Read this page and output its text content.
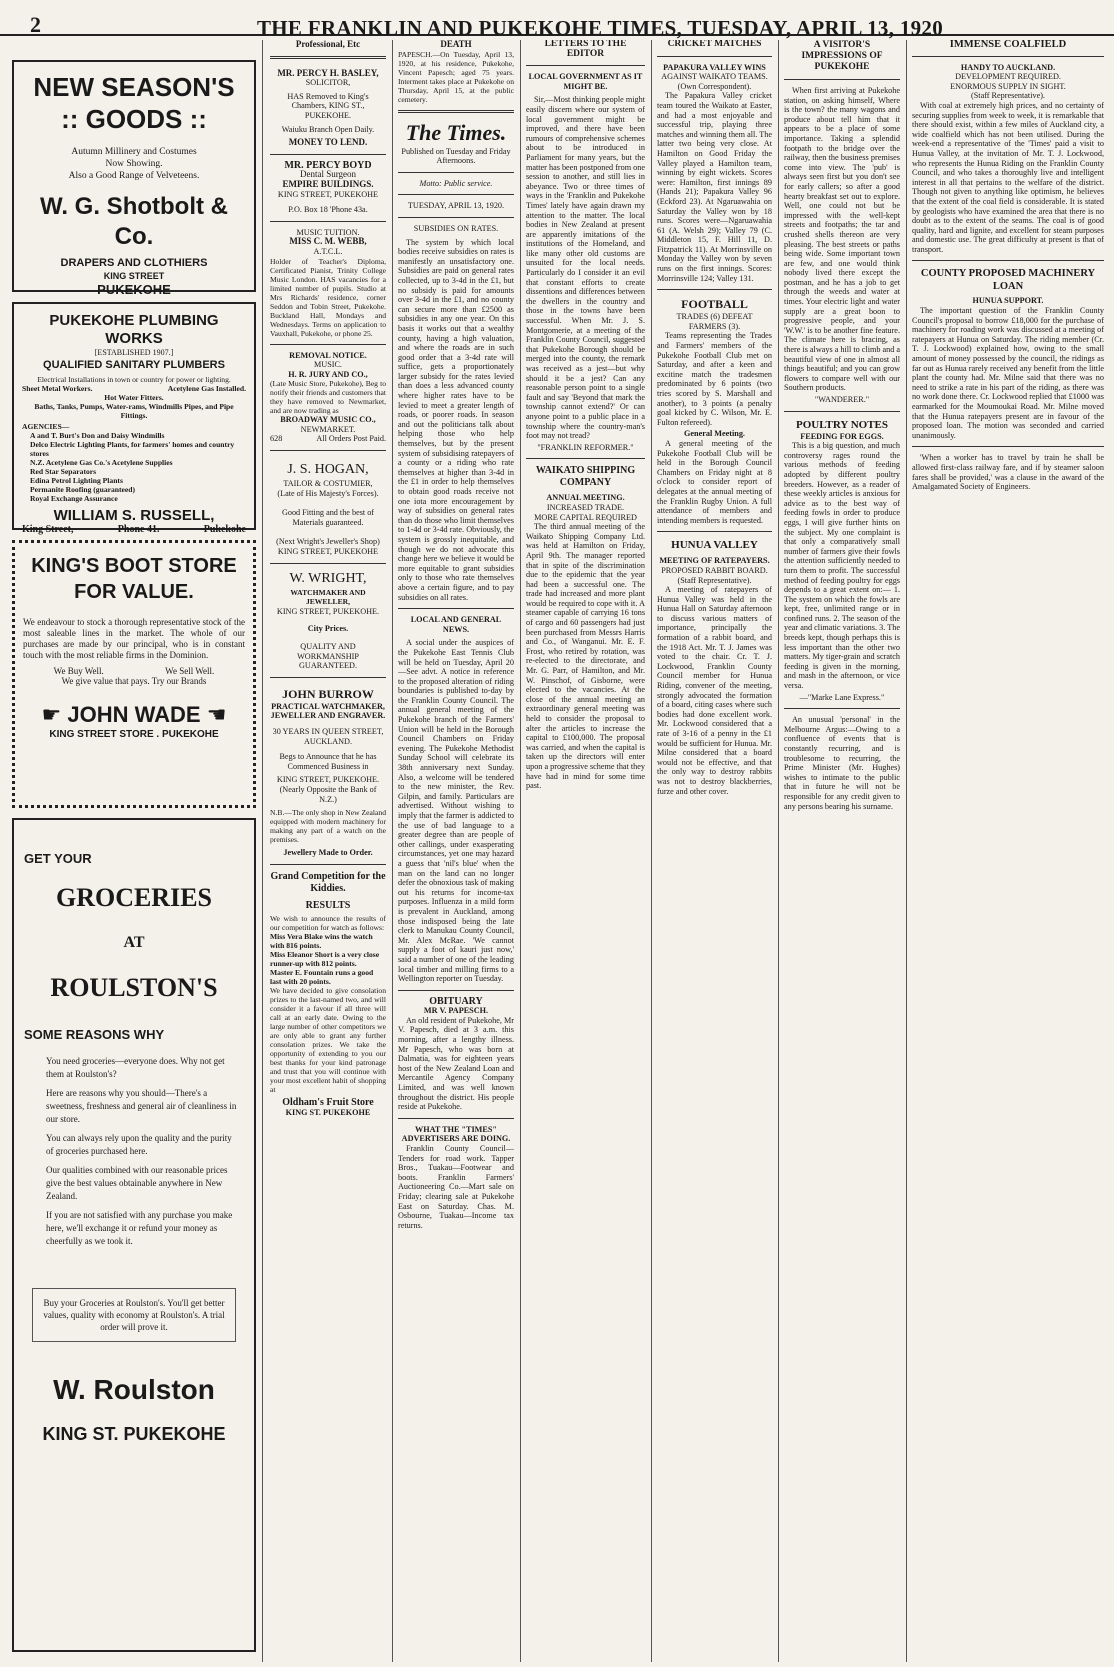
2	THE FRANKLIN AND PUKEKOHE TIMES, TUESDAY, APRIL 13, 1920
NEW SEASON'S
:: GOODS ::
Autumn Millinery and Costumes
Now Showing.
Also a Good Range of Velveteens.
W. G. Shotbolt & Co.
DRAPERS AND CLOTHIERS
KING STREET
PUKEKOHE
PUKEKOHE PLUMBING WORKS
[ESTABLISHED 1907.]
QUALIFIED SANITARY PLUMBERS
Electrical Installations in town or country for power or lighting.
Sheet Metal Workers.	Acetylene Gas Installed.
Hot Water Fitters.
Baths, Tanks, Pumps, Water-rams, Windmills Pipes, and Pipe Fittings.
AGENCIES—
A and T. Burt's Don and Daisy Windmills
Delco Electric Lighting Plants, for farmers' homes and country stores
N.Z. Acetylene Gas Co.'s Acetylene Supplies
Red Star Separators
Edina Petrol Lighting Plants
Permanite Roofing (guaranteed)
Royal Exchange Assurance
WILLIAM S. RUSSELL,
King Street,	Phone 41.	Pukekohe
KING'S BOOT STORE
FOR VALUE.
We endeavour to stock a thorough representative stock of the most saleable lines in the market. The whole of our purchases are made by our principal, who is in constant touch with the most reliable firms in the Dominion.
We Buy Well.	We Sell Well.
We give value that pays. Try our Brands
☛ JOHN WADE ☚
KING STREET STORE . PUKEKOHE
GET YOUR
GROCERIES
AT
ROULSTON'S
SOME REASONS WHY
You need groceries—everyone does. Why not get them at Roulston's?
Here are reasons why you should—There's a sweetness, freshness and general air of cleanliness in our store.
You can always rely upon the quality and the purity of groceries purchased here.
Our qualities combined with our reasonable prices give the best values obtainable anywhere in New Zealand.
If you are not satisfied with any purchase you make here, we'll exchange it or refund your money as cheerfully as we took it.
Buy your Groceries at Roulston's. You'll get better values, quality with economy at Roulston's. A trial order will prove it.
W. Roulston
KING ST. PUKEKOHE
Professional, Etc
MR. PERCY H. BASLEY,
SOLICITOR,
HAS Removed to King's Chambers, KING ST., PUKEKOHE.
Waiuku Branch Open Daily.
MONEY TO LEND.
MR. PERCY BOYD
Dental Surgeon
EMPIRE BUILDINGS.
KING STREET, PUKEKOHE
P.O. Box 18 'Phone 43a.
MUSIC TUITION.
MISS C. M. WEBB,
A.T.C.L.
Holder of Teacher's Diploma, Certificated Pianist, Trinity College Music London. HAS vacancies for a limited number of pupils. Studio at Mrs Richards' residence, corner Seddon and Tobin Street, Pukekohe. Buckland Hall, Mondays and Wednesdays. Terms on application to Vauxhall, Pukekohe, or phone 25.
REMOVAL NOTICE.
MUSIC.
H. R. JURY AND CO.,
(Late Music Store, Pukekohe), Beg to notify their friends and customers that they have removed to Newmarket, and are now trading as
BROADWAY MUSIC CO.,
NEWMARKET.
628	All Orders Post Paid.
J. S. HOGAN,
TAILOR & COSTUMIER,
(Late of His Majesty's Forces).
Good Fitting and the best of Materials guaranteed.
(Next Wright's Jeweller's Shop)
KING STREET, PUKEKOHE
W. WRIGHT,
WATCHMAKER AND JEWELLER,
KING STREET, PUKEKOHE.
City Prices.
QUALITY AND WORKMANSHIP GUARANTEED.
JOHN BURROW
PRACTICAL WATCHMAKER, JEWELLER AND ENGRAVER.
30 YEARS IN QUEEN STREET, AUCKLAND.
Begs to Announce that he has Commenced Business in
KING STREET, PUKEKOHE.
(Nearly Opposite the Bank of N.Z.)
N.B.—The only shop in New Zealand equipped with modern machinery for making any part of a watch on the premises.
Jewellery Made to Order.
Grand Competition for the Kiddies.
RESULTS
We wish to announce the results of our competition for watch as follows:
Miss Vera Blake wins the watch with 816 points.
Miss Eleanor Short is a very close runner-up with 812 points.
Master E. Fountain runs a good last with 20 points.
We have decided to give consolation prizes to the last-named two, and will consider it a favour if all three will call at an early date. Owing to the large number of other competitors we are only able to grant any further consolation prizes. We take the opportunity of extending to you our best thanks for your kind patronage and trust that you will continue with your most excellent habit of shopping at
Oldham's Fruit Store
KING ST. PUKEKOHE
DEATH
PAPESCH.—On Tuesday, April 13, 1920, at his residence, Pukekohe, Vincent Papesch; aged 75 years. Interment takes place at Pukekohe on Thursday, April 15, at the public cemetery.
The Times.
Published on Tuesday and Friday Afternoons.
Motto: Public service.
TUESDAY, APRIL 13, 1920.
SUBSIDIES ON RATES.

The system by which local bodies receive subsidies on rates is manifestly an unsatisfactory one. Subsidies are paid on general rates collected, up to 3-4d in the £1, but no subsidy is paid for amounts over 3-4d in the £1, and no county can secure more than £2500 as subsidies in any one year. On this basis it works out that a wealthy county, having a high valuation, and where the roads are in such good order that a 3-4d rate will suffice, gets a proportionately larger subsidy for the rates levied than does a less advanced county where higher rates have to be levied to meet a greater length of roads, or poorer roads. In season and out the politicians talk about helping those who help themselves, but by the present system of subsidising ratepayers of a county or a riding who rate themselves at higher than 3-4d in the £1 in order to help themselves to obtain good roads receive not one iota more encouragement by way of subsidies on general rates than do those who limit themselves to 1-4d or 3-4d rate. Obviously, the system is grossly inequitable, and though we do not advocate this change here we believe it would be more equitable to grant subsidies only to those who rate themselves above a certain figure, and to pay subsidies on all rates.

LOCAL AND GENERAL NEWS.

A social under the auspices of the Pukekohe East Tennis Club will be held on Tuesday, April 20—See advt. A notice in reference to the proposed alteration of riding boundaries is published to-day by the Franklin County Council. The annual general meeting of the Pukekohe branch of the Farmers' Union will be held in the Borough Council Chambers on Friday evening. The Pukekohe Methodist Sunday School will celebrate its 38th anniversary next Sunday. Also, a welcome will be tendered to the new minister, the Rev. Gilpin, and family. Particulars are advertised. Without wishing to imply that the farmer is addicted to the use of bad language to a greater degree than are people of other callings, under exasperating circumstances, yet one may hazard a guess that 'nil's blue' when the man on the land can no longer defer the obnoxious task of making out his returns for income-tax purposes. Influenza in a mild form is prevalent in Auckland, among those indisposed being the late clerk to Manukau County Council, Mr. Alex McRae. 'We cannot supply a foot of kauri just now,' said a number of one of the leading local timber and milling firms to a Wellington reporter on Tuesday.

OBITUARY
MR V. PAPESCH.

An old resident of Pukekohe, Mr V. Papesch, died at 3 a.m. this morning, after a lengthy illness. Mr Papesch, who was born at Dalmatia, was for eighteen years host of the New Zealand Loan and Mercantile Agency Company Limited, and was well known throughout the district. His people reside at Pukekohe.

WHAT THE "TIMES" ADVERTISERS ARE DOING.

Franklin County Council—Tenders for road work. Tapper Bros., Tuakau—Footwear and boots. Franklin Farmers' Auctioneering Co.—Mart sale on Friday; clearing sale at Pukekohe East on Saturday. Chas. M. Osbourne, Tuakau—Income tax returns.

LETTERS TO THE EDITOR
LOCAL GOVERNMENT AS IT MIGHT BE.

Sir,—Most thinking people might easily discern where our system of local government might be improved, and there have been rumours of comprehensive schemes about to be introduced in Parliament for many years, but the matter has been postponed from one session to another, and still lies in abeyance. Two or three times of ways in the 'Franklin and Pukekohe Times' lately have again drawn my attention to the matter. The local bodies in New Zealand at present are apparently imitations of the institutions of the Homeland, and like many other old customs are unsuited for the local needs. Particularly do I consider it an evil that constant efforts to create dissentions and differences between the dwellers in the country and those in the towns have been successful. When Mr. J. S. Montgomerie, at a meeting of the Franklin County Council, suggested that Pukekohe Borough should be merged into the county, the remark was received as a jest—but why should it be a jest? Can any reasonable person point to a single fault and say 'Beyond that mark the township cannot extend?' Or can anyone point to a public place in a township where the country-man's foot may not tread?

"FRANKLIN REFORMER."
WAIKATO SHIPPING COMPANY
ANNUAL MEETING.
INCREASED TRADE.
MORE CAPITAL REQUIRED

The third annual meeting of the Waikato Shipping Company Ltd. was held at Hamilton on Friday, April 9th. The manager reported that in spite of the discrimination due to the epidemic that the year had been a successful one. The trade had increased and more plant would be required to cope with it. A steamer capable of carrying 16 tons of cargo and 60 passengers had just been purchased from Messrs Harris and Co., of Wanganui. Mr. E. F. Frost, who retired by rotation, was re-elected to the directorate, and Mr. G. Parr, of Hamilton, and Mr. W. Pinschof, of Gisborne, were elected to the vacancies. At the close of the annual meeting an extraordinary general meeting was held to consider the proposal to alter the articles to increase the capital to £100,000. The proposal was carried, and when the capital is taken up the directors will enter upon a progressive scheme that they have had in mind for some time past.

CRICKET MATCHES
PAPAKURA VALLEY WINS
AGAINST WAIKATO TEAMS.
(Own Correspondent).

The Papakura Valley cricket team toured the Waikato at Easter, and had a most enjoyable and successful trip, playing three matches and winning them all. The latter two being very close. At Hamilton on Good Friday the Valley played a Hamilton team, winning by eight wickets. Scores were: Hamilton, first innings 89 (Hands 21); Papakura Valley 96 (Eckford 23). At Ngaruawahia on Saturday the Valley won by 18 runs. Scores were—Ngaruawahia 61 (A. Welsh 29); Valley 79 (C. Middleton 15, F. Hill 11, D. Fitzpatrick 11). At Morrinsville on Monday the Valley won by seven runs on the first innings. Scores: Morrinsville 124; Valley 131.

FOOTBALL
TRADES (6) DEFEAT FARMERS (3).

Teams representing the Trades and Farmers' members of the Pukekohe Football Club met on Saturday, and after a keen and excitine match the tradesmen predominated by 6 points (two tries scored by S. Marshall and another), to 3 points (a penalty goal kicked by C. Wilson, Mr. E. Fulton refereed).

General Meeting.

A general meeting of the Pukekohe Football Club will be held in the Borough Council Chambers on Friday night at 8 o'clock to consider report of delegates at the annual meeting of the Franklin Rugby Union. A full attendance of members and intending members is requested.

HUNUA VALLEY
MEETING OF RATEPAYERS.
PROPOSED RABBIT BOARD.
(Staff Representative).

A meeting of ratepayers of Hunua Valley was held in the Hunua Hall on Saturday afternoon to discuss various matters of importance, principally the formation of a rabbit board, and the 1918 Act. Mr. T. J. James was voted to the chair. Cr. T. J. Lockwood, Franklin County Council member for Hunua Riding, convener of the meeting, strongly advocated the formation of a board, citing cases where such bodies had done excellent work. Mr. Lockwood considered that a rate of 3-16 of a penny in the £1 would be sufficient for Hunua. Mr. Milne considered that a board would not be effective, and that the only way to destroy rabbits was not to destroy blackberries, furze and other cover.

A VISITOR'S IMPRESSIONS OF PUKEKOHE

When first arriving at Pukekohe station, on asking himself, Where is the town? the many wagons and produce about tell him that it appears to be a place of some importance. Taking a splendid footpath to the bridge over the railway, then the business premises come into view. The 'pub' is always seen first but you don't see for early callers; so after a good hearty breakfast set out to explore. Well, one could not but be impressed with the well-kept streets and footpaths; the tar and crushed shells thereon are very pleasing. The best streets or paths being wide. Some important town are few, and one would think nobody lived there except the postman, and he has a job to get through the weeds and water at times. Your electric light and water supply are a great boon to progressive people, and your 'W.W.' is to be another fine feature. The climate here is bracing, as there is always a hill to climb and a beautiful view of one in almost all things beautiful; and you can grow flowers to compare well with our Southern products.

"WANDERER."
POULTRY NOTES
FEEDING FOR EGGS.

This is a big question, and much controversy rages round the various methods of feeding adopted by different poultry breeders. However, as a reader of these weekly articles is anxious for advice as to the best way of feeding fowls in order to produce eggs, I will give further hints on the subject. My one complaint is that only a comparatively small number of farmers give their fowls the attention sufficiently needed to turn them to profit. The successful method of feeding poultry for eggs depends to a great extent on:— 1. The system on which the fowls are kept, free, unlimited range or in confined runs. 2. The season of the year and climatic variations. 3. The breeds kept, though perhaps this is less important than the other two matters. My tiger-grain and scratch feeding is given in the morning, and mash in the afternoon, or vice versa.

—"Marke Lane Express."

An unusual 'personal' in the Melbourne Argus:—Owing to a confluence of events that is constantly recurring, and is troublesome to recurring, the Prime Minister (Mr. Hughes) wishes to intimate to the public that in future he will not be responsible for any credit given to any persons bearing his surname.

IMMENSE COALFIELD
HANDY TO AUCKLAND.
DEVELOPMENT REQUIRED.
ENORMOUS SUPPLY IN SIGHT.
(Staff Representative).

With coal at extremely high prices, and no certainty of securing supplies from week to week, it is remarkable that there should exist, within a few miles of Auckland city, a wide coalfield which has not been utilised. During the week-end a representative of the 'Times' paid a visit to Hunua Valley, at the invitation of Mr. T. J. Lockwood, who represents the Hunua Riding on the Franklin County Council, and who takes a thoroughly live and intelligent interest in all that pertains to the welfare of the district. Though not given to anything like optimism, he believes that the extent of the coal field is considerable. It is stated by geologists who have examined the area that there is no doubt as to the extent of the seams. The coal is of good quality, hard and lignite, and excellent for steam purposes and domestic use. The great difficulty at present is that of transport.

COUNTY PROPOSED MACHINERY LOAN
HUNUA SUPPORT.

The important question of the Franklin County Council's proposal to borrow £18,000 for the purchase of machinery for roading work was discussed at a meeting of ratepayers at Hunua on Saturday. The riding member (Cr. T. J. Lockwood) explained how, owing to the small amount of money possessed by the council, the ridings as far out as Hunua rarely received any benefit from the little plant the county had. Mr. Milne said that there was no need to strike a rate in his part of the riding, as there was no work done there. Cr. Lockwood replied that £1000 was earmarked for the Moumoukai Road. Mr. Milne moved that the Hunua ratepayers present are in favour of the proposed loan. The motion was seconded and carried unanimously.

'When a worker has to travel by train he shall be allowed first-class railway fare, and if by steamer saloon fares shall be provided,' was a clause in the award of the Amalgamated Society of Engineers.
